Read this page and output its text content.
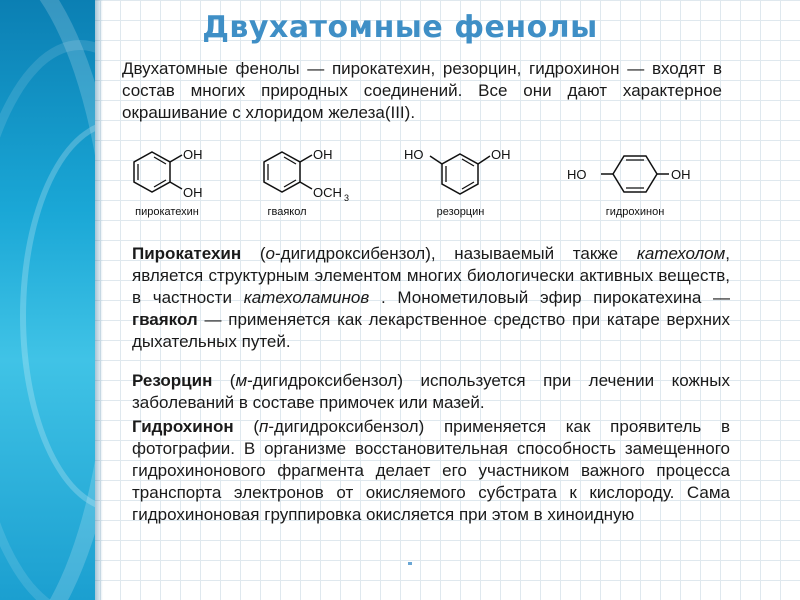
Двухатомные фенолы

Двухатомные фенолы — пирокатехин, резорцин, гидрохинон — входят в состав многих природных соединений. Все они дают характерное окрашивание с хлоридом железа(III).

OH
OH
пирокатехин
OH
OCH 3
гваякол
HO	OH
резорцин
HO	OH
гидрохинон

Пирокатехин (о-дигидроксибензол), называемый также катехолом, является структурным элементом многих биологически активных веществ, в частности катехоламинов . Монометиловый эфир пирокатехина — гваякол — применяется как лекарственное средство при катаре верхних дыхательных путей.

Резорцин (м-дигидроксибензол) используется при лечении кожных заболеваний в составе примочек или мазей.

Гидрохинон (п-дигидроксибензол) применяется как проявитель в фотографии. В организме восстановительная способность замещенного гидрохинонового фрагмента делает его участником важного процесса транспорта электронов от окисляемого субстрата к кислороду. Сама гидрохиноновая группировка окисляется при этом в хиноидную
